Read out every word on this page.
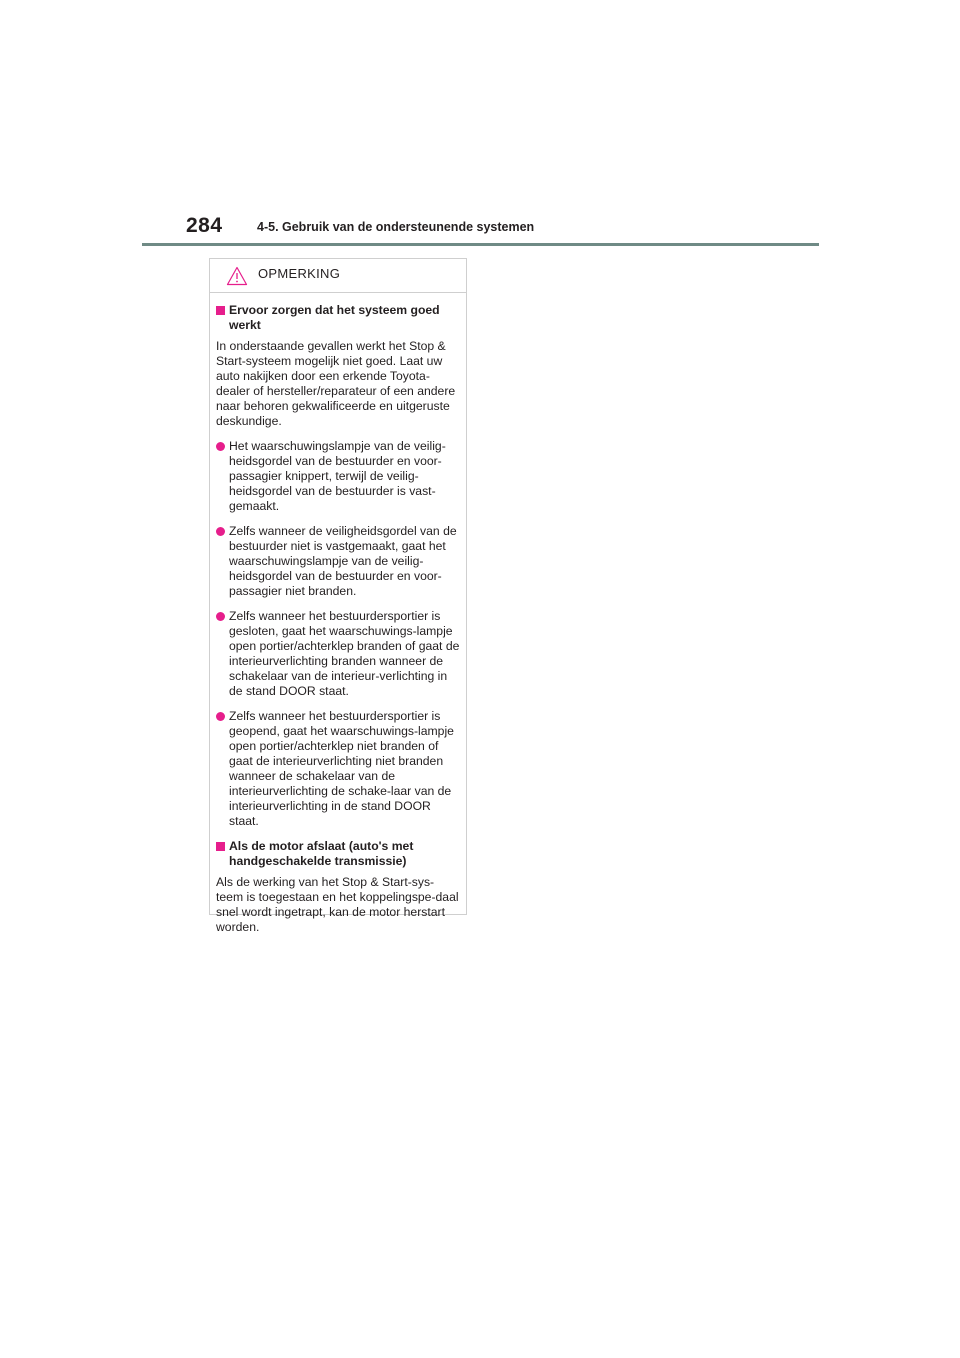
284	4-5. Gebruik van de ondersteunende systemen
OPMERKING
Ervoor zorgen dat het systeem goed werkt
In onderstaande gevallen werkt het Stop & Start-systeem mogelijk niet goed. Laat uw auto nakijken door een erkende Toyota-dealer of hersteller/reparateur of een andere naar behoren gekwalificeerde en uitgeruste deskundige.
Het waarschuwingslampje van de veilig-heidsgordel van de bestuurder en voor-passagier knippert, terwijl de veilig-heidsgordel van de bestuurder is vast-gemaakt.
Zelfs wanneer de veiligheidsgordel van de bestuurder niet is vastgemaakt, gaat het waarschuwingslampje van de veilig-heidsgordel van de bestuurder en voor-passagier niet branden.
Zelfs wanneer het bestuurdersportier is gesloten, gaat het waarschuwings-lampje open portier/achterklep branden of gaat de interieurverlichting branden wanneer de schakelaar van de interieur-verlichting in de stand DOOR staat.
Zelfs wanneer het bestuurdersportier is geopend, gaat het waarschuwings-lampje open portier/achterklep niet branden of gaat de interieurverlichting niet branden wanneer de schakelaar van de interieurverlichting de schake-laar van de interieurverlichting in de stand DOOR staat.
Als de motor afslaat (auto's met handgeschakelde transmissie)
Als de werking van het Stop & Start-sys-teem is toegestaan en het koppelingspe-daal snel wordt ingetrapt, kan de motor herstart worden.
